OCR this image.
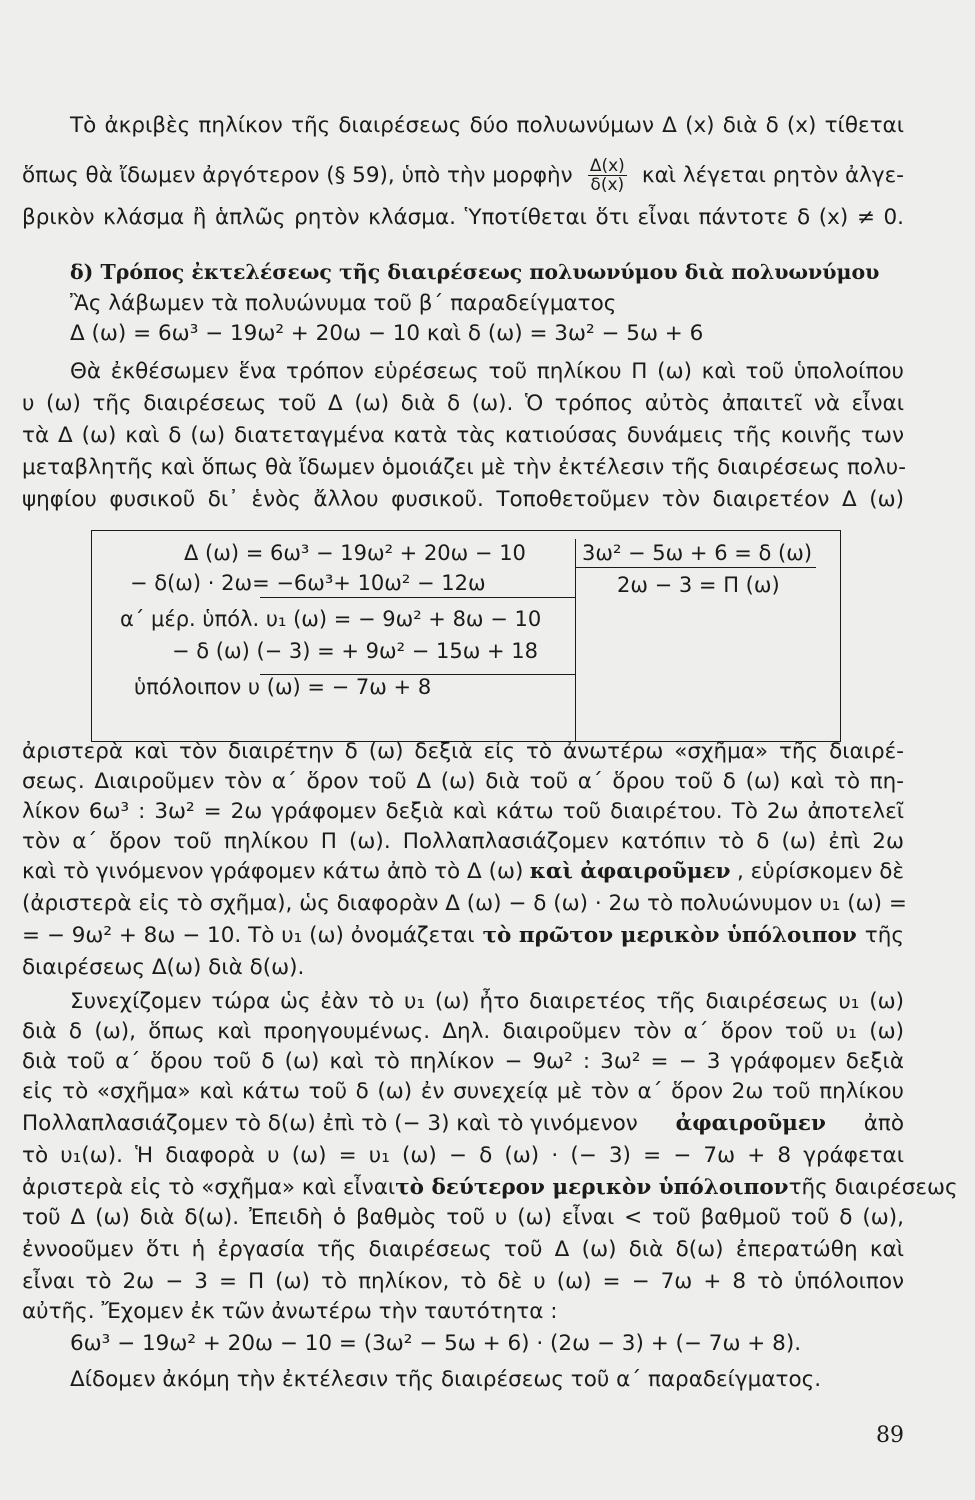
Τὸ ἀκριβὲς πηλίκον τῆς διαιρέσεως δύο πολυωνύμων Δ (x) διὰ δ (x) τίθεται
ὅπως θὰ ἴδωμεν ἀργότερον (§ 59), ὑπὸ τὴν μορφὴν $\frac{\Delta(x)}{\delta(x)}$ καὶ λέγεται ρητὸν ἀλγε-
βρικὸν κλάσμα ἢ ἁπλῶς ρητὸν κλάσμα. Ὑποτίθεται ὅτι εἶναι πάντοτε δ (x) ≠ 0.
δ) Τρόπος ἐκτελέσεως τῆς διαιρέσεως πολυωνύμου διὰ πολυωνύμου
Ἂς λάβωμεν τὰ πολυώνυμα τοῦ β΄ παραδείγματος
Δ (ω) = 6ω³ − 19ω² + 20ω − 10 καὶ δ (ω) = 3ω² − 5ω + 6
Θὰ ἐκθέσωμεν ἕνα τρόπον εὑρέσεως τοῦ πηλίκου Π (ω) καὶ τοῦ ὑπολοίπου
υ (ω) τῆς διαιρέσεως τοῦ Δ (ω) διὰ δ (ω). Ὁ τρόπος αὐτὸς ἀπαιτεῖ νὰ εἶναι
τὰ Δ (ω) καὶ δ (ω) διατεταγμένα κατὰ τὰς κατιούσας δυνάμεις τῆς κοινῆς των
μεταβλητῆς καὶ ὅπως θὰ ἴδωμεν ὁμοιάζει μὲ τὴν ἐκτέλεσιν τῆς διαιρέσεως πολυ-
ψηφίου φυσικοῦ δι᾿ ἑνὸς ἄλλου φυσικοῦ. Τοποθετοῦμεν τὸν διαιρετέον Δ (ω)
Δ (ω) = 6ω³ − 19ω² + 20ω − 10	3ω² − 5ω + 6 = δ (ω)
− δ(ω) · 2ω= −6ω³+ 10ω² − 12ω	2ω − 3 = Π (ω)
α΄ μέρ. ὑπόλ. υ₁ (ω) = − 9ω² + 8ω − 10
− δ (ω) (− 3) = + 9ω² − 15ω + 18
ὑπόλοιπον υ (ω) = − 7ω + 8
ἀριστερὰ καὶ τὸν διαιρέτην δ (ω) δεξιὰ εἰς τὸ ἀνωτέρω «σχῆμα» τῆς διαιρέ-
σεως. Διαιροῦμεν τὸν α΄ ὅρον τοῦ Δ (ω) διὰ τοῦ α΄ ὅρου τοῦ δ (ω) καὶ τὸ πη-
λίκον 6ω³ : 3ω² = 2ω γράφομεν δεξιὰ καὶ κάτω τοῦ διαιρέτου. Τὸ 2ω ἀποτελεῖ
τὸν α΄ ὅρον τοῦ πηλίκου Π (ω). Πολλαπλασιάζομεν κατόπιν τὸ δ (ω) ἐπὶ 2ω
καὶ τὸ γινόμενον γράφομεν κάτω ἀπὸ τὸ Δ (ω) καὶ ἀφαιροῦμεν , εὑρίσκομεν δὲ
(ἀριστερὰ εἰς τὸ σχῆμα), ὡς διαφορὰν Δ (ω) − δ (ω) · 2ω τὸ πολυώνυμον υ₁ (ω) =
= − 9ω² + 8ω − 10. Τὸ υ₁ (ω) ὀνομάζεται τὸ πρῶτον μερικὸν ὑπόλοιπον τῆς
διαιρέσεως Δ(ω) διὰ δ(ω).
Συνεχίζομεν τώρα ὡς ἐὰν τὸ υ₁ (ω) ἦτο διαιρετέος τῆς διαιρέσεως υ₁ (ω)
διὰ δ (ω), ὅπως καὶ προηγουμένως. Δηλ. διαιροῦμεν τὸν α΄ ὅρον τοῦ υ₁ (ω)
διὰ τοῦ α΄ ὅρου τοῦ δ (ω) καὶ τὸ πηλίκον − 9ω² : 3ω² = − 3 γράφομεν δεξιὰ
εἰς τὸ «σχῆμα» καὶ κάτω τοῦ δ (ω) ἐν συνεχείᾳ μὲ τὸν α΄ ὅρον 2ω τοῦ πηλίκου
Πολλαπλασιάζομεν τὸ δ(ω) ἐπὶ τὸ (− 3) καὶ τὸ γινόμενον ἀφαιροῦμεν ἀπὸ
τὸ υ₁(ω). Ἡ διαφορὰ υ (ω) = υ₁ (ω) − δ (ω) · (− 3) = − 7ω + 8 γράφεται
ἀριστερὰ εἰς τὸ «σχῆμα» καὶ εἶναι τὸ δεύτερον μερικὸν ὑπόλοιπον τῆς διαιρέσεως
τοῦ Δ (ω) διὰ δ(ω). Ἐπειδὴ ὁ βαθμὸς τοῦ υ (ω) εἶναι < τοῦ βαθμοῦ τοῦ δ (ω),
ἐννοοῦμεν ὅτι ἡ ἐργασία τῆς διαιρέσεως τοῦ Δ (ω) διὰ δ(ω) ἐπερατώθη καὶ
εἶναι τὸ 2ω − 3 = Π (ω) τὸ πηλίκον, τὸ δὲ υ (ω) = − 7ω + 8 τὸ ὑπόλοιπον
αὐτῆς. Ἔχομεν ἐκ τῶν ἀνωτέρω τὴν ταυτότητα :
6ω³ − 19ω² + 20ω − 10 = (3ω² − 5ω + 6) · (2ω − 3) + (− 7ω + 8).
Δίδομεν ἀκόμη τὴν ἐκτέλεσιν τῆς διαιρέσεως τοῦ α΄ παραδείγματος.
89
